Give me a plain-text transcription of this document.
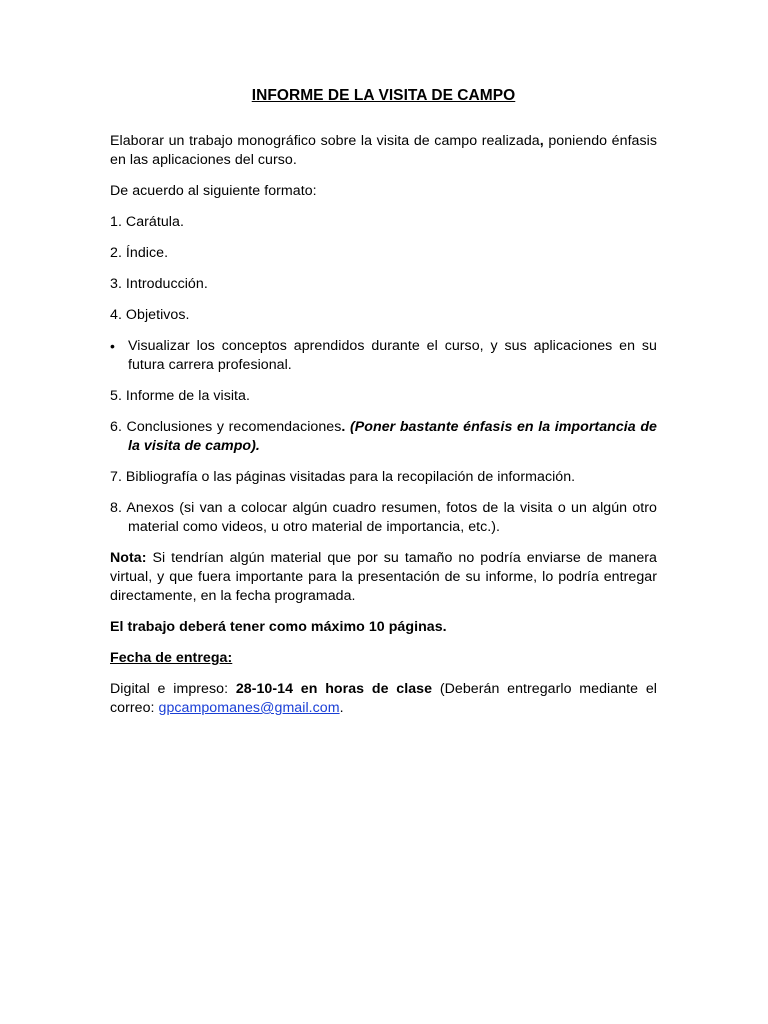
INFORME DE LA VISITA DE CAMPO
Elaborar un trabajo monográfico sobre la visita de campo realizada, poniendo énfasis en las aplicaciones del curso.
De acuerdo al siguiente formato:
1. Carátula.
2. Índice.
3. Introducción.
4. Objetivos.
• Visualizar los conceptos aprendidos durante el curso, y sus aplicaciones en su futura carrera profesional.
5. Informe de la visita.
6. Conclusiones y recomendaciones. (Poner bastante énfasis en la importancia de la visita de campo).
7. Bibliografía o las páginas visitadas para la recopilación de información.
8. Anexos (si van a colocar algún cuadro resumen, fotos de la visita o un algún otro material como videos, u otro material de importancia, etc.).
Nota: Si tendrían algún material que por su tamaño no podría enviarse de manera virtual, y que fuera importante para la presentación de su informe, lo podría entregar directamente, en la fecha programada.
El trabajo deberá tener como máximo 10 páginas.
Fecha de entrega:
Digital e impreso: 28-10-14 en horas de clase (Deberán entregarlo mediante el correo: gpcampomanes@gmail.com.
